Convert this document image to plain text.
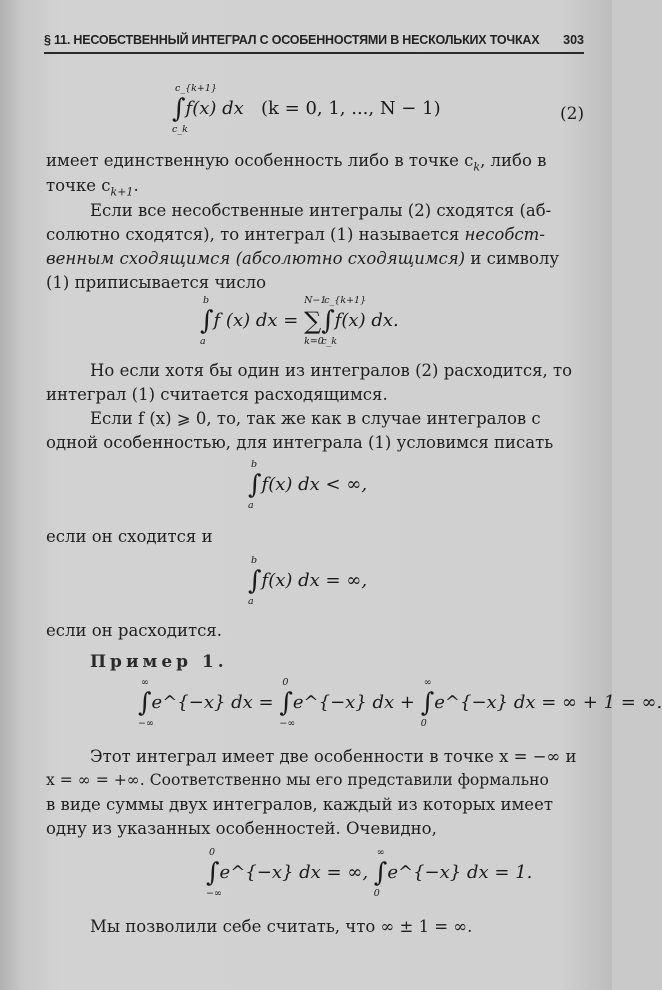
§ 11. НЕСОБСТВЕННЫЙ ИНТЕГРАЛ С ОСОБЕННОСТЯМИ В НЕСКОЛЬКИХ ТОЧКАХ 303
∫
c_{k+1}
c_k
f(x) dx (k = 0, 1, ..., N − 1)	(2)
имеет единственную особенность либо в точке $c_k$, либо в
точке $c_{k+1}$.
Если все несобственные интегралы (2) сходятся (аб-
солютно сходятся), то интеграл (1) называется несобст-
венным сходящимся (абсолютно сходящимся) и символу
(1) приписывается число
∫
b
a
f (x) dx = ∑
N−1
k=0
∫
c_{k+1}
c_k
f(x) dx.
Но если хотя бы один из интегралов (2) расходится, то
интеграл (1) считается расходящимся.
Если f (x) ⩾ 0, то, так же как в случае интегралов с
одной особенностью, для интеграла (1) условимся писать
∫
b
a
f(x) dx < ∞,
если он сходится и
∫
b
a
f(x) dx = ∞,
если он расходится.
Пример 1.
∫
∞
−∞
e^{−x} dx = ∫
0
−∞
e^{−x} dx + ∫
∞
0
e^{−x} dx = ∞ + 1 = ∞.
Этот интеграл имеет две особенности в точке x = −∞ и
x = ∞ = +∞. Соответственно мы его представили формально
в виде суммы двух интегралов, каждый из которых имеет
одну из указанных особенностей. Очевидно,
∫
0
−∞
e^{−x} dx = ∞, ∫
∞
0
e^{−x} dx = 1.
Мы позволили себе считать, что ∞ ± 1 = ∞.
